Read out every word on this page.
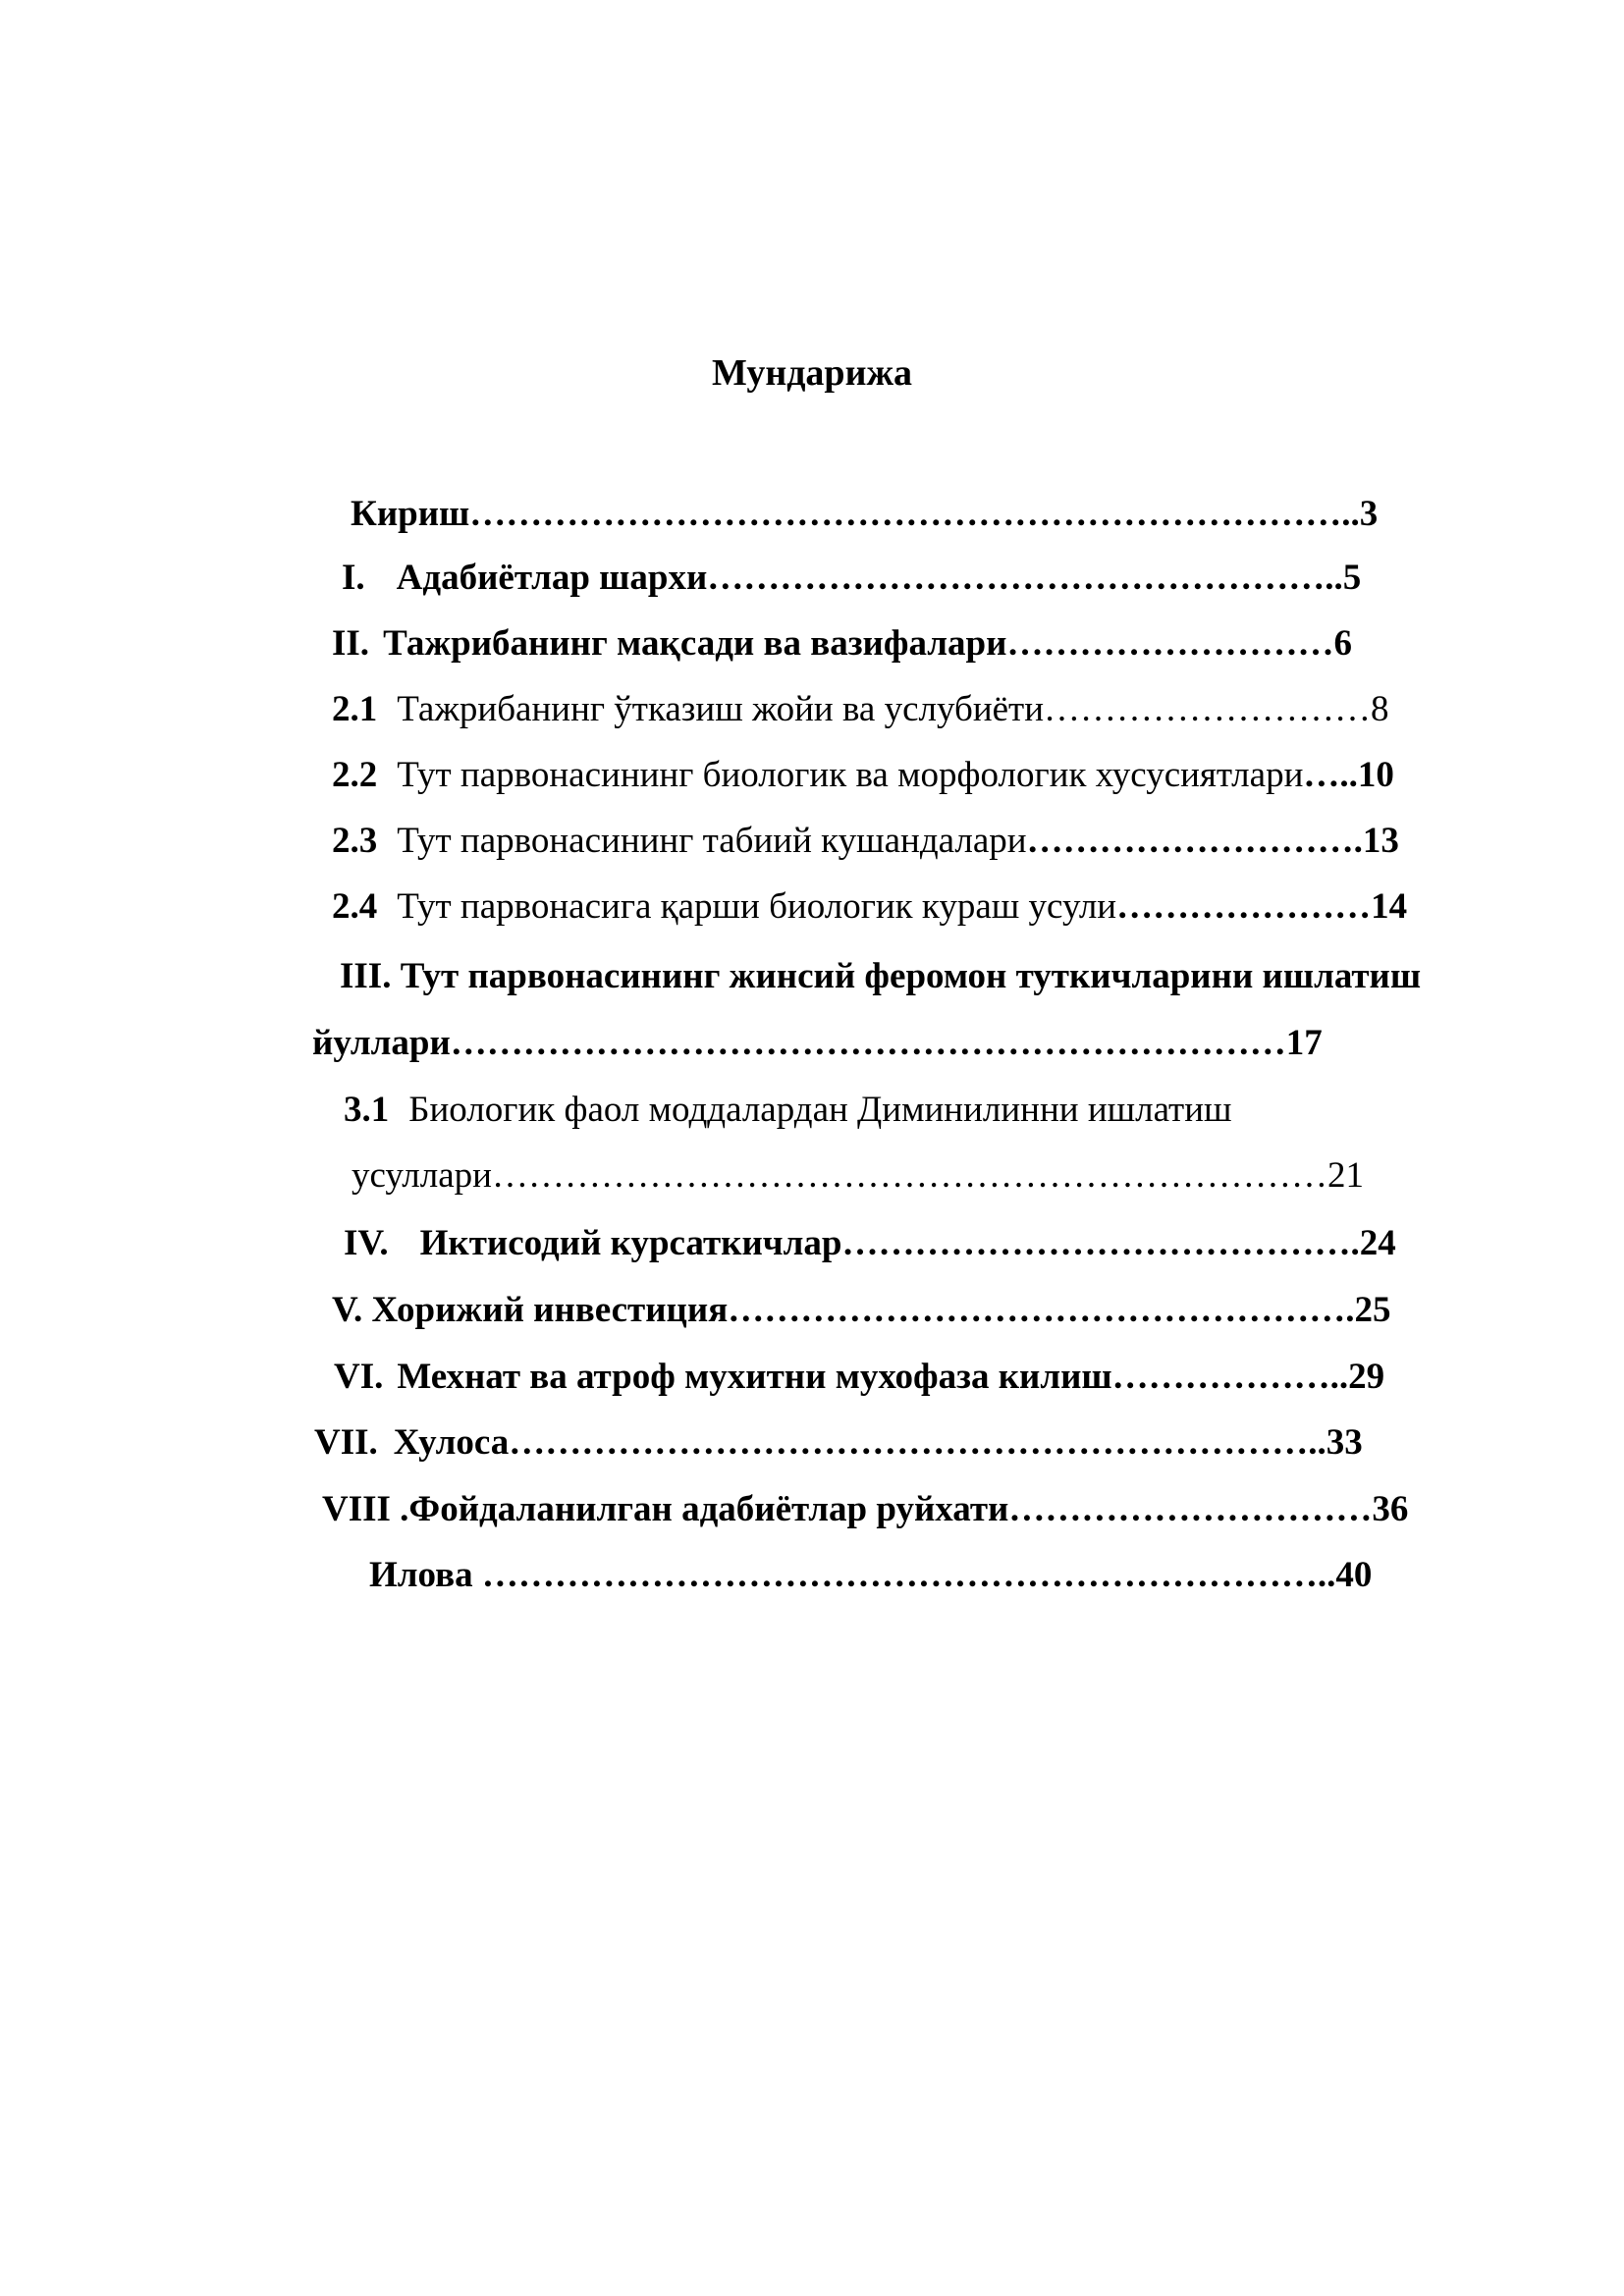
Мундарижа
Кириш………………………………………………………………..3
I. Адабиётлар шархи……………………………………………..5
II. Тажрибанинг мақсади ва вазифалари………………………6
2.1 Тажрибанинг ўтказиш жойи ва услубиёти………………………8
2.2 Тут парвонасининг биологик ва морфологик хусусиятлари…..10
2.3 Тут парвонасининг табиий кушандалари……………………….13
2.4 Тут парвонасига қарши биологик кураш усули…………………14
III. Тут парвонасининг жинсий феромон туткичларини ишлатиш
йуллари……………………………………………………………17
3.1 Биологик фаол моддалардан Диминилинни ишлатиш
усуллари……………………………………………………………21
IV. Иктисодий курсаткичлар…………………………………….24
V. Хорижий инвестиция…………………………………………….25
VI. Мехнат ва атроф мухитни мухофаза килиш………………..29
VII. Хулоса…………………………………………………………..33
VIII .Фойдаланилган адабиётлар руйхати…………………………36
Илова ……………………………………………………………..40
